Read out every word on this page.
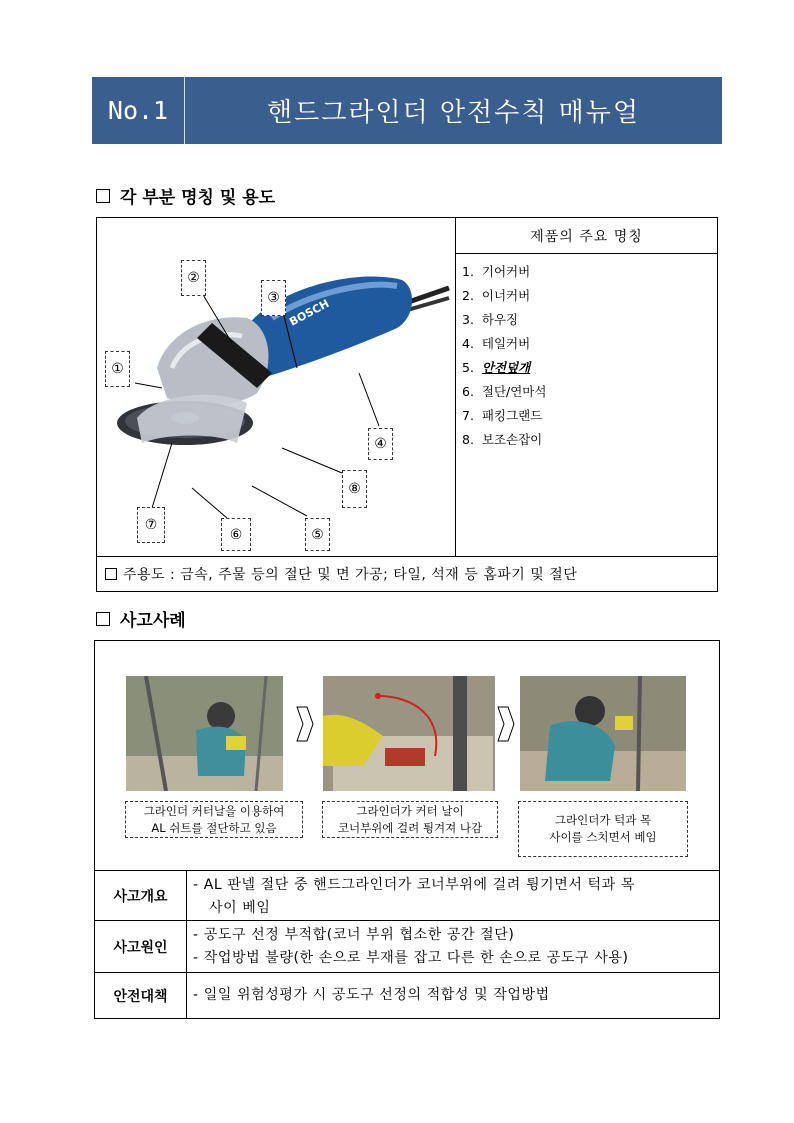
No.1	핸드그라인더 안전수칙 매뉴얼
각 부분 명칭 및 용도
BOSCH
①
②
③
④
⑤
⑥
⑦
⑧
제품의 주요 명칭
1.  기어커버
2.  이너커버
3.  하우징
4.  테일커버
5.  안전덮개
6.  절단/연마석
7.  패킹그랜드
8.  보조손잡이
주용도 : 금속, 주물 등의 절단 및 면 가공; 타일, 석재 등 홈파기 및 절단
사고사례
그라인더 커터날을 이용하여
AL 쉬트를 절단하고 있음
그라인더가 커터 날이
코너부위에 걸려 튕겨져 나감
그라인더가 턱과 목
사이를 스치면서 베임
사고개요
- AL 판넬 절단 중 핸드그라인더가 코너부위에 걸려 튕기면서 턱과 목
사이 베임
사고원인
- 공도구 선정 부적합(코너 부위 협소한 공간 절단)
- 작업방법 불량(한 손으로 부재를 잡고 다른 한 손으로 공도구 사용)
안전대책	- 일일 위험성평가 시 공도구 선정의 적합성 및 작업방법
